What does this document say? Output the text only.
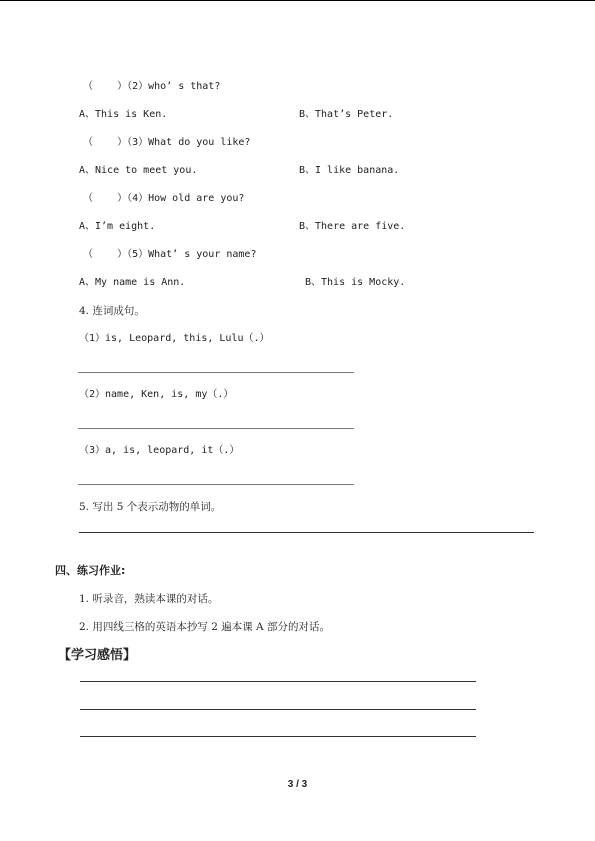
（    ）（2）who’ s that?
A、This is Ken.	B、That’s Peter.
（    ）（3）What do you like?
A、Nice to meet you.	B、I like banana.
（    ）（4）How old are you?
A、I’m eight.	B、There are five.
（    ）（5）What’ s your name?
A、My name is Ann.	B、This is Mocky.
4. 连词成句。
（1）is, Leopard, this, Lulu（.）
（2）name, Ken, is, my（.）
（3）a, is, leopard, it（.）
5. 写出 5 个表示动物的单词。
四、练习作业:
1. 听录音，熟读本课的对话。
2. 用四线三格的英语本抄写 2 遍本课 A 部分的对话。
【学习感悟】
3 / 3
